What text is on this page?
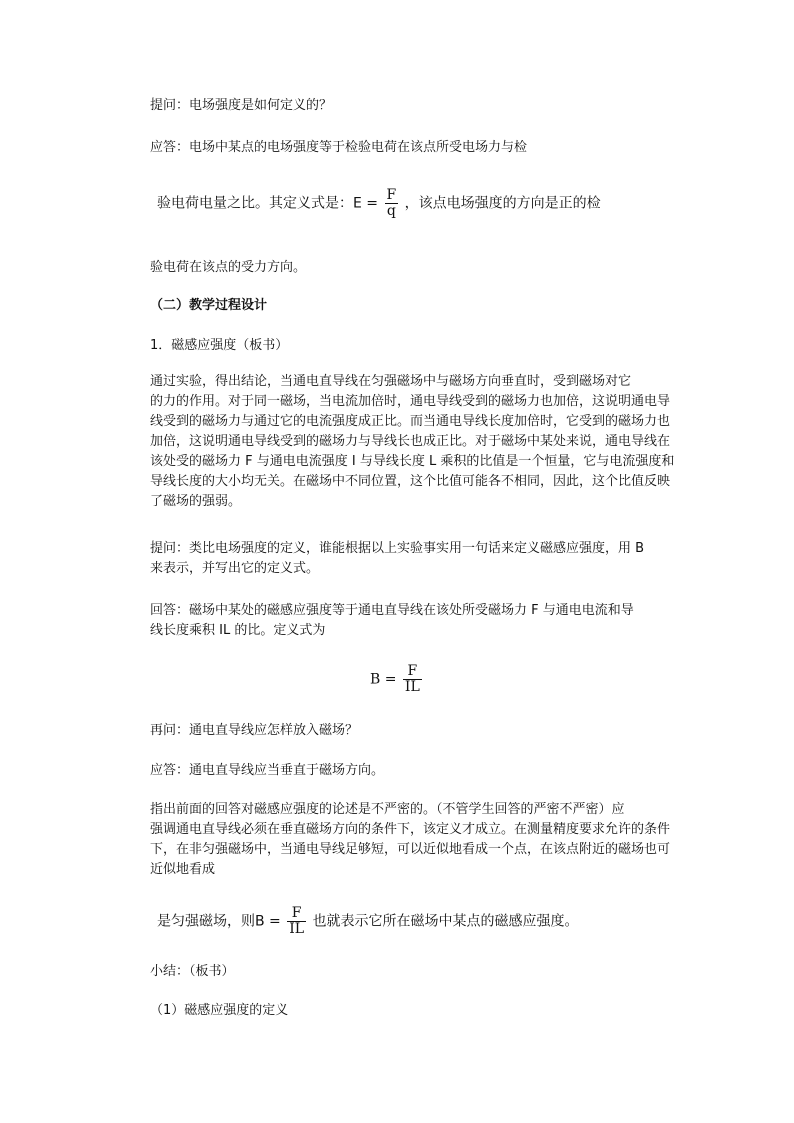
提问：电场强度是如何定义的？
应答：电场中某点的电场强度等于检验电荷在该点所受电场力与检
验电荷电量之比。其定义式是：$E = \frac{F}{q}$ ，该点电场强度的方向是正的检
验电荷在该点的受力方向。
（二）教学过程设计
1．磁感应强度（板书）
通过实验，得出结论，当通电直导线在匀强磁场中与磁场方向垂直时，受到磁场对它
的力的作用。对于同一磁场，当电流加倍时，通电导线受到的磁场力也加倍，这说明通电导
线受到的磁场力与通过它的电流强度成正比。而当通电导线长度加倍时，它受到的磁场力也
加倍，这说明通电导线受到的磁场力与导线长也成正比。对于磁场中某处来说，通电导线在
该处受的磁场力 F 与通电电流强度 I 与导线长度 L 乘积的比值是一个恒量，它与电流强度和
导线长度的大小均无关。在磁场中不同位置，这个比值可能各不相同，因此，这个比值反映
了磁场的强弱。
提问：类比电场强度的定义，谁能根据以上实验事实用一句话来定义磁感应强度，用 B
来表示，并写出它的定义式。
回答：磁场中某处的磁感应强度等于通电直导线在该处所受磁场力 F 与通电电流和导
线长度乘积 IL 的比。定义式为
$B = \frac{F}{IL}$
再问：通电直导线应怎样放入磁场？
应答：通电直导线应当垂直于磁场方向。
指出前面的回答对磁感应强度的论述是不严密的。（不管学生回答的严密不严密）应
强调通电直导线必须在垂直磁场方向的条件下，该定义才成立。在测量精度要求允许的条件
下，在非匀强磁场中，当通电导线足够短，可以近似地看成一个点，在该点附近的磁场也可
近似地看成
是匀强磁场，则$B = \frac{F}{IL}$ 也就表示它所在磁场中某点的磁感应强度。
小结：（板书）
（1）磁感应强度的定义
